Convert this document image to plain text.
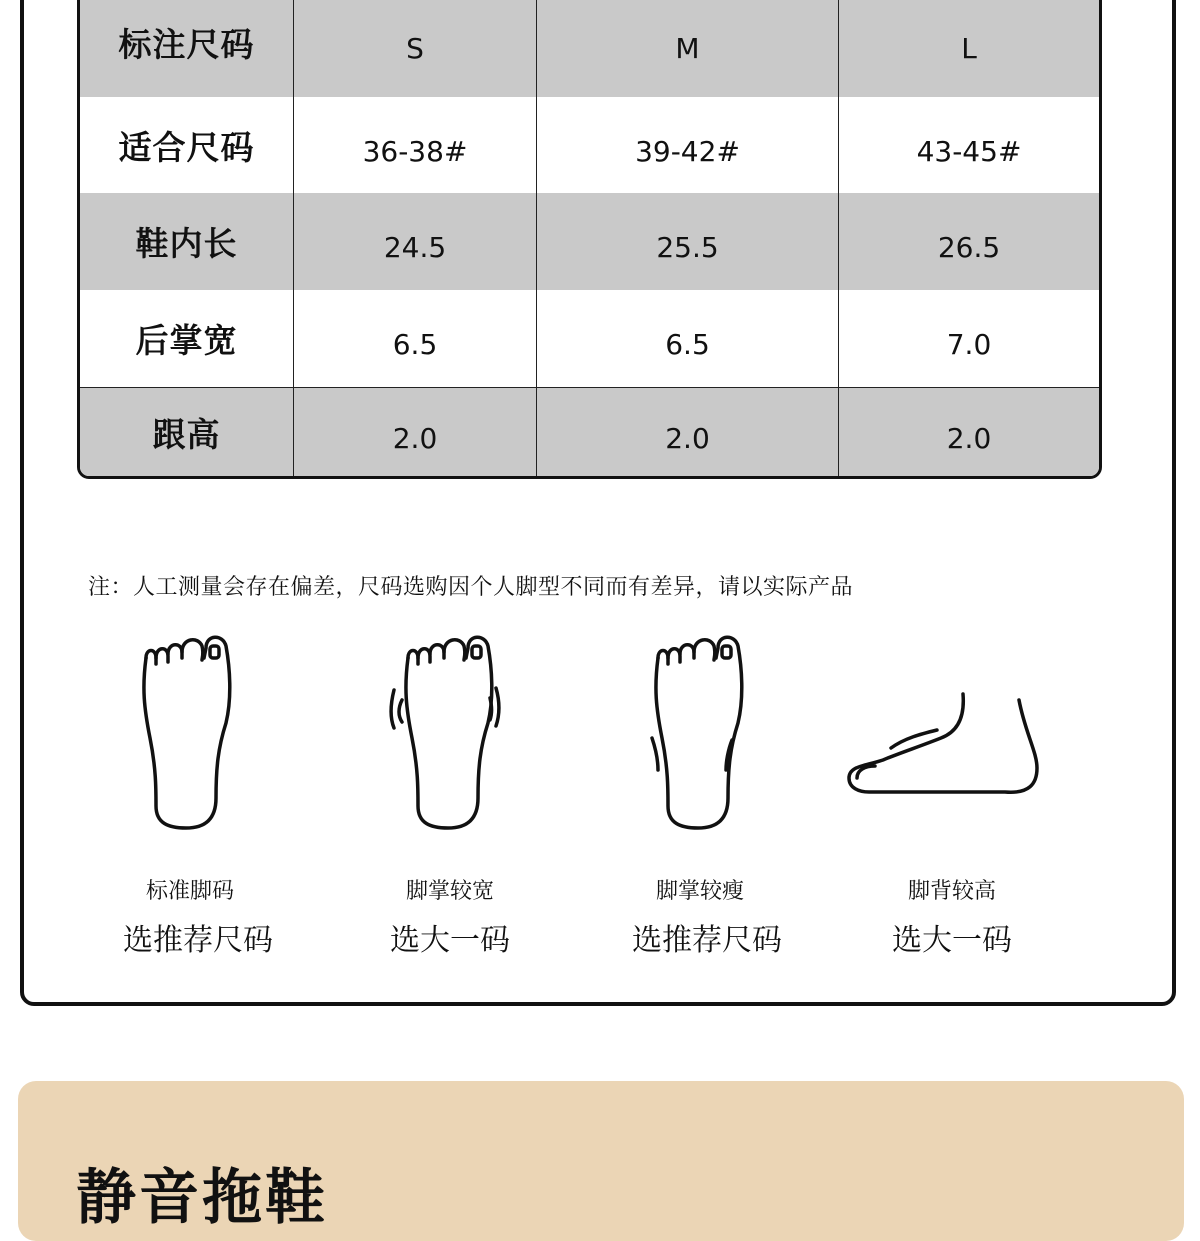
标注尺码	S	M	L
适合尺码	36-38#	39-42#	43-45#
鞋内长	24.5	25.5	26.5
后掌宽	6.5	6.5	7.0
跟高	2.0	2.0	2.0
注：人工测量会存在偏差，尺码选购因个人脚型不同而有差异，请以实际产品
标准脚码
选推荐尺码
脚掌较宽
选大一码
脚掌较瘦
选推荐尺码
脚背较高
选大一码
静音拖鞋
